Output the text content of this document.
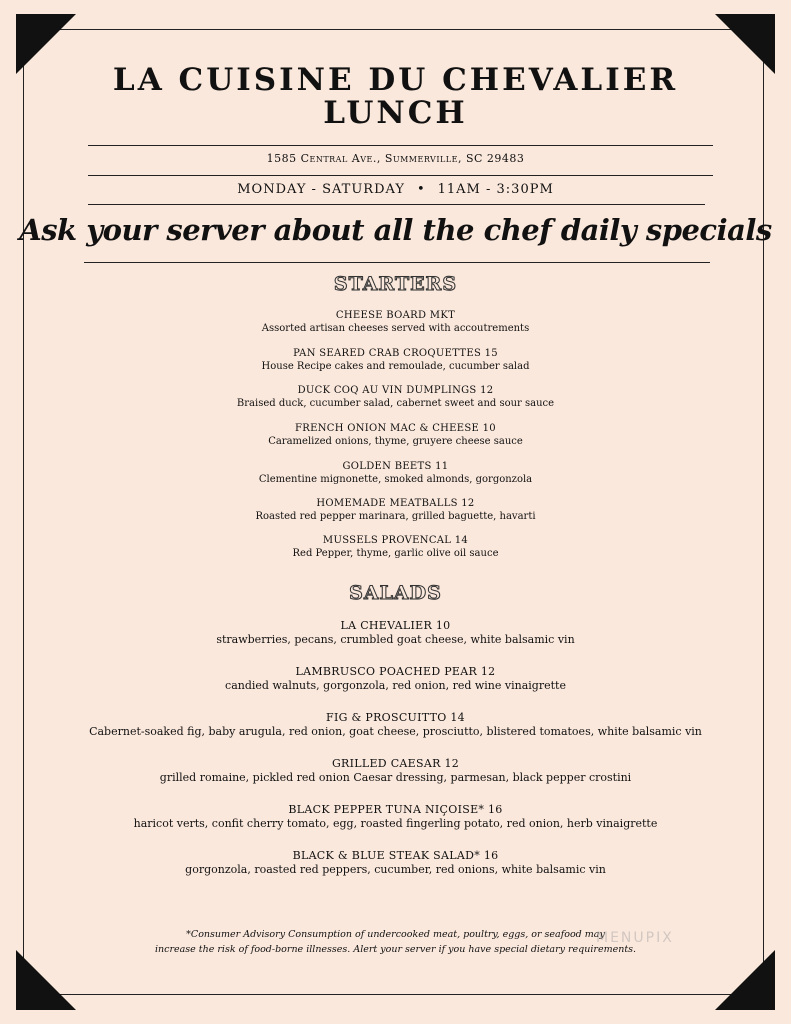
LA CUISINE DU CHEVALIER
LUNCH
1585 Central Ave., Summerville, SC 29483
MONDAY - SATURDAY • 11AM - 3:30PM
Ask your server about all the chef daily specials
STARTERS
CHEESE BOARD MKT
Assorted artisan cheeses served with accoutrements
PAN SEARED CRAB CROQUETTES 15
House Recipe cakes and remoulade, cucumber salad
DUCK COQ AU VIN DUMPLINGS 12
Braised duck, cucumber salad, cabernet sweet and sour sauce
FRENCH ONION MAC & CHEESE 10
Caramelized onions, thyme, gruyere cheese sauce
GOLDEN BEETS 11
Clementine mignonette, smoked almonds, gorgonzola
HOMEMADE MEATBALLS 12
Roasted red pepper marinara, grilled baguette, havarti
MUSSELS PROVENCAL 14
Red Pepper, thyme, garlic olive oil sauce
SALADS
LA CHEVALIER 10
strawberries, pecans, crumbled goat cheese, white balsamic vin
LAMBRUSCO POACHED PEAR 12
candied walnuts, gorgonzola, red onion, red wine vinaigrette
FIG & PROSCUITTO 14
Cabernet-soaked fig, baby arugula, red onion, goat cheese, prosciutto, blistered tomatoes, white balsamic vin
GRILLED CAESAR 12
grilled romaine, pickled red onion Caesar dressing, parmesan, black pepper crostini
BLACK PEPPER TUNA NIÇOISE* 16
haricot verts, confit cherry tomato, egg, roasted fingerling potato, red onion, herb vinaigrette
BLACK & BLUE STEAK SALAD* 16
gorgonzola, roasted red peppers, cucumber, red onions, white balsamic vin
*Consumer Advisory Consumption of undercooked meat, poultry, eggs, or seafood may
increase the risk of food-borne illnesses. Alert your server if you have special dietary requirements.
MENUPIX
